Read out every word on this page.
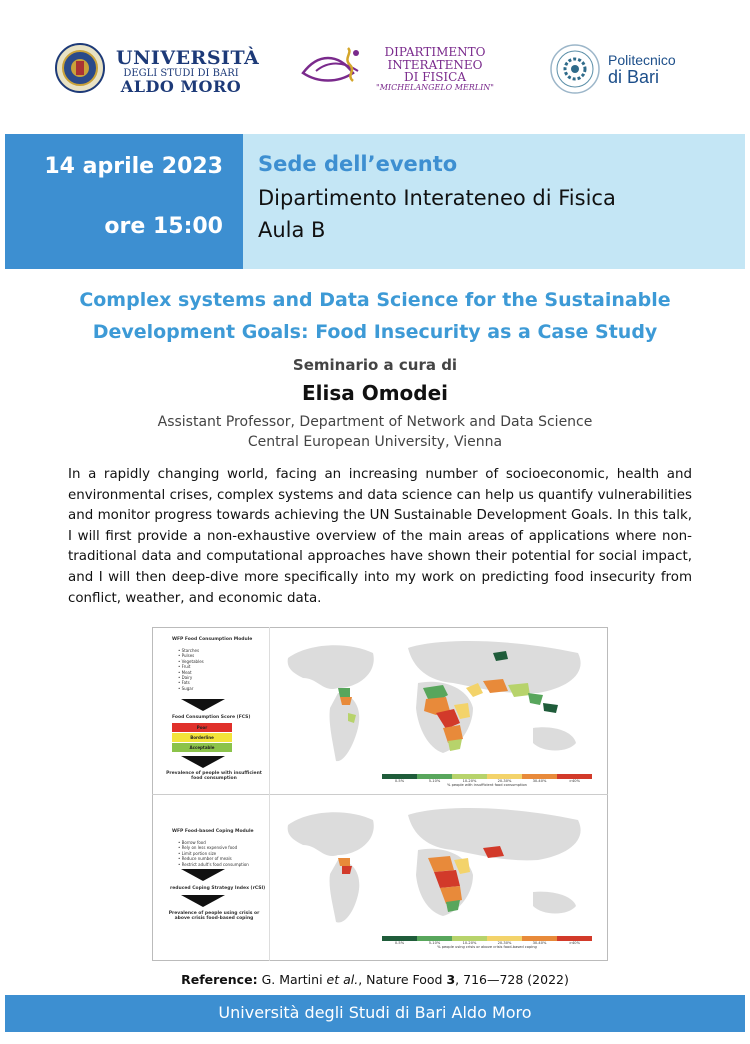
UNIVERSITÀ
DEGLI STUDI DI BARI
ALDO MORO
DIPARTIMENTO
INTERATENEO
DI FISICA
"MICHELANGELO MERLIN"
Politecnico
di Bari
14 aprile 2023
ore 15:00
Sede dell’evento
Dipartimento Interateneo di Fisica
Aula B
Complex systems and Data Science for the Sustainable
Development Goals: Food Insecurity as a Case Study
Seminario a cura di
Elisa Omodei
Assistant Professor, Department of Network and Data Science
Central European University, Vienna
In a rapidly changing world, facing an increasing number of socioeconomic, health and environmental crises, complex systems and data science can help us quantify vulnerabilities and monitor progress towards achieving the UN Sustainable Development Goals. In this talk, I will first provide a non-exhaustive overview of the main areas of applications where non-traditional data and computational approaches have shown their potential for social impact, and I will then deep-dive more specifically into my work on predicting food insecurity from conflict, weather, and economic data.
WFP Food Consumption Module
• Starches
• Pulses
• Vegetables
• Fruit
• Meat
• Dairy
• Fats
• Sugar
Food Consumption Score (FCS)
Poor
Borderline
Acceptable
Prevalence of people with insufficient
food consumption	0-5%	5-10%	10-20%	20-30%	30-40%	>40%
% people with insufficient food consumption
WFP Food-based Coping Module
• Borrow food
• Rely on less expensive food
• Limit portion size
• Reduce number of meals
• Restrict adult's food consumption
reduced Coping Strategy Index (rCSI)
Prevalence of people using crisis or
above crisis food-based coping
0-5%	5-10%	10-20%	20-30%	30-40%	>40%
% people using crisis or above crisis food-based coping
Reference: G. Martini et al., Nature Food 3, 716—728 (2022)
Università degli Studi di Bari Aldo Moro
